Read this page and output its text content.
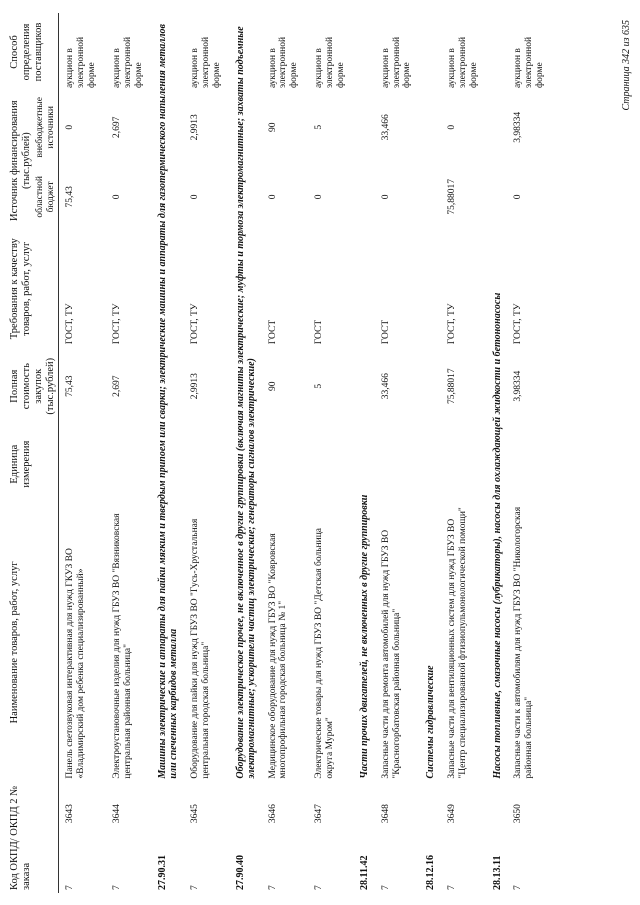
Код ОКПД/ ОКПД 2 № заказа		Наименование товаров, работ, услуг	Единица измерения	Полная стоимость закупок (тыс.рублей)	Требования к качеству товаров, работ, услуг	Источник финансирования (тыс.рублей)		Способ определения поставщиков
						областной бюджет	внебюджетные источники	
7	3643	Панель светозвуковая интерактивная для нужд ГКУЗ ВО «Владимирский дом ребенка специализированный»		75,43	ГОСТ, ТУ	75,43	0	аукцион в электронной форме
7	3644	Электроустановочные изделия для нужд ГБУЗ ВО "Вязниковская центральная районная больница"		2,697	ГОСТ, ТУ	0	2,697	аукцион в электронной форме
27.90.31		Машины электрические и аппараты для пайки мягким и твердым припоем или сварки; электрические машины и аппараты для газотермического напыления металлов или спеченных карбидов металла						
7	3645	Оборудование для пайки для нужд ГБУЗ ВО "Гусь-Хрустальная центральная городская больница"		2,9913	ГОСТ, ТУ	0	2,9913	аукцион в электронной форме
27.90.40		Оборудование электрическое прочее, не включенное в другие группировки (включая магниты электрические; муфты и тормоза электромагнитные; захваты подъемные электромагнитные; ускорители частиц электрические; генераторы сигналов электрические)						
7	3646	Медицинское оборудование для нужд ГБУЗ ВО "Ковровская многопрофильная городская больница № 1"		90	ГОСТ	0	90	аукцион в электронной форме
7	3647	Электрические товары для нужд ГБУЗ ВО "Детская больница округа Муром"		5	ГОСТ	0	5	аукцион в электронной форме
28.11.42		Части прочих двигателей, не включенных в другие группировки						
7	3648	Запасные части для ремонта автомобилей для нужд ГБУЗ ВО "Красногорбатовская районная больница"		33,466	ГОСТ	0	33,466	аукцион в электронной форме
28.12.16		Системы гидравлические						
7	3649	Запасные части для вентиляционных систем для нужд ГБУЗ ВО "Центр специализированной фтизиопульмонологической помощи"		75,88017	ГОСТ, ТУ	75,88017	0	аукцион в электронной форме
28.13.11		Насосы топливные, смазочные насосы (лубрикаторы), насосы для охлаждающей жидкости и бетононасосы						
7	3650	Запасные части к автомобилям для нужд ГБУЗ ВО "Никологорская районная больница"		3,98334	ГОСТ, ТУ	0	3,98334	аукцион в электронной форме	Страница 342 из 635
